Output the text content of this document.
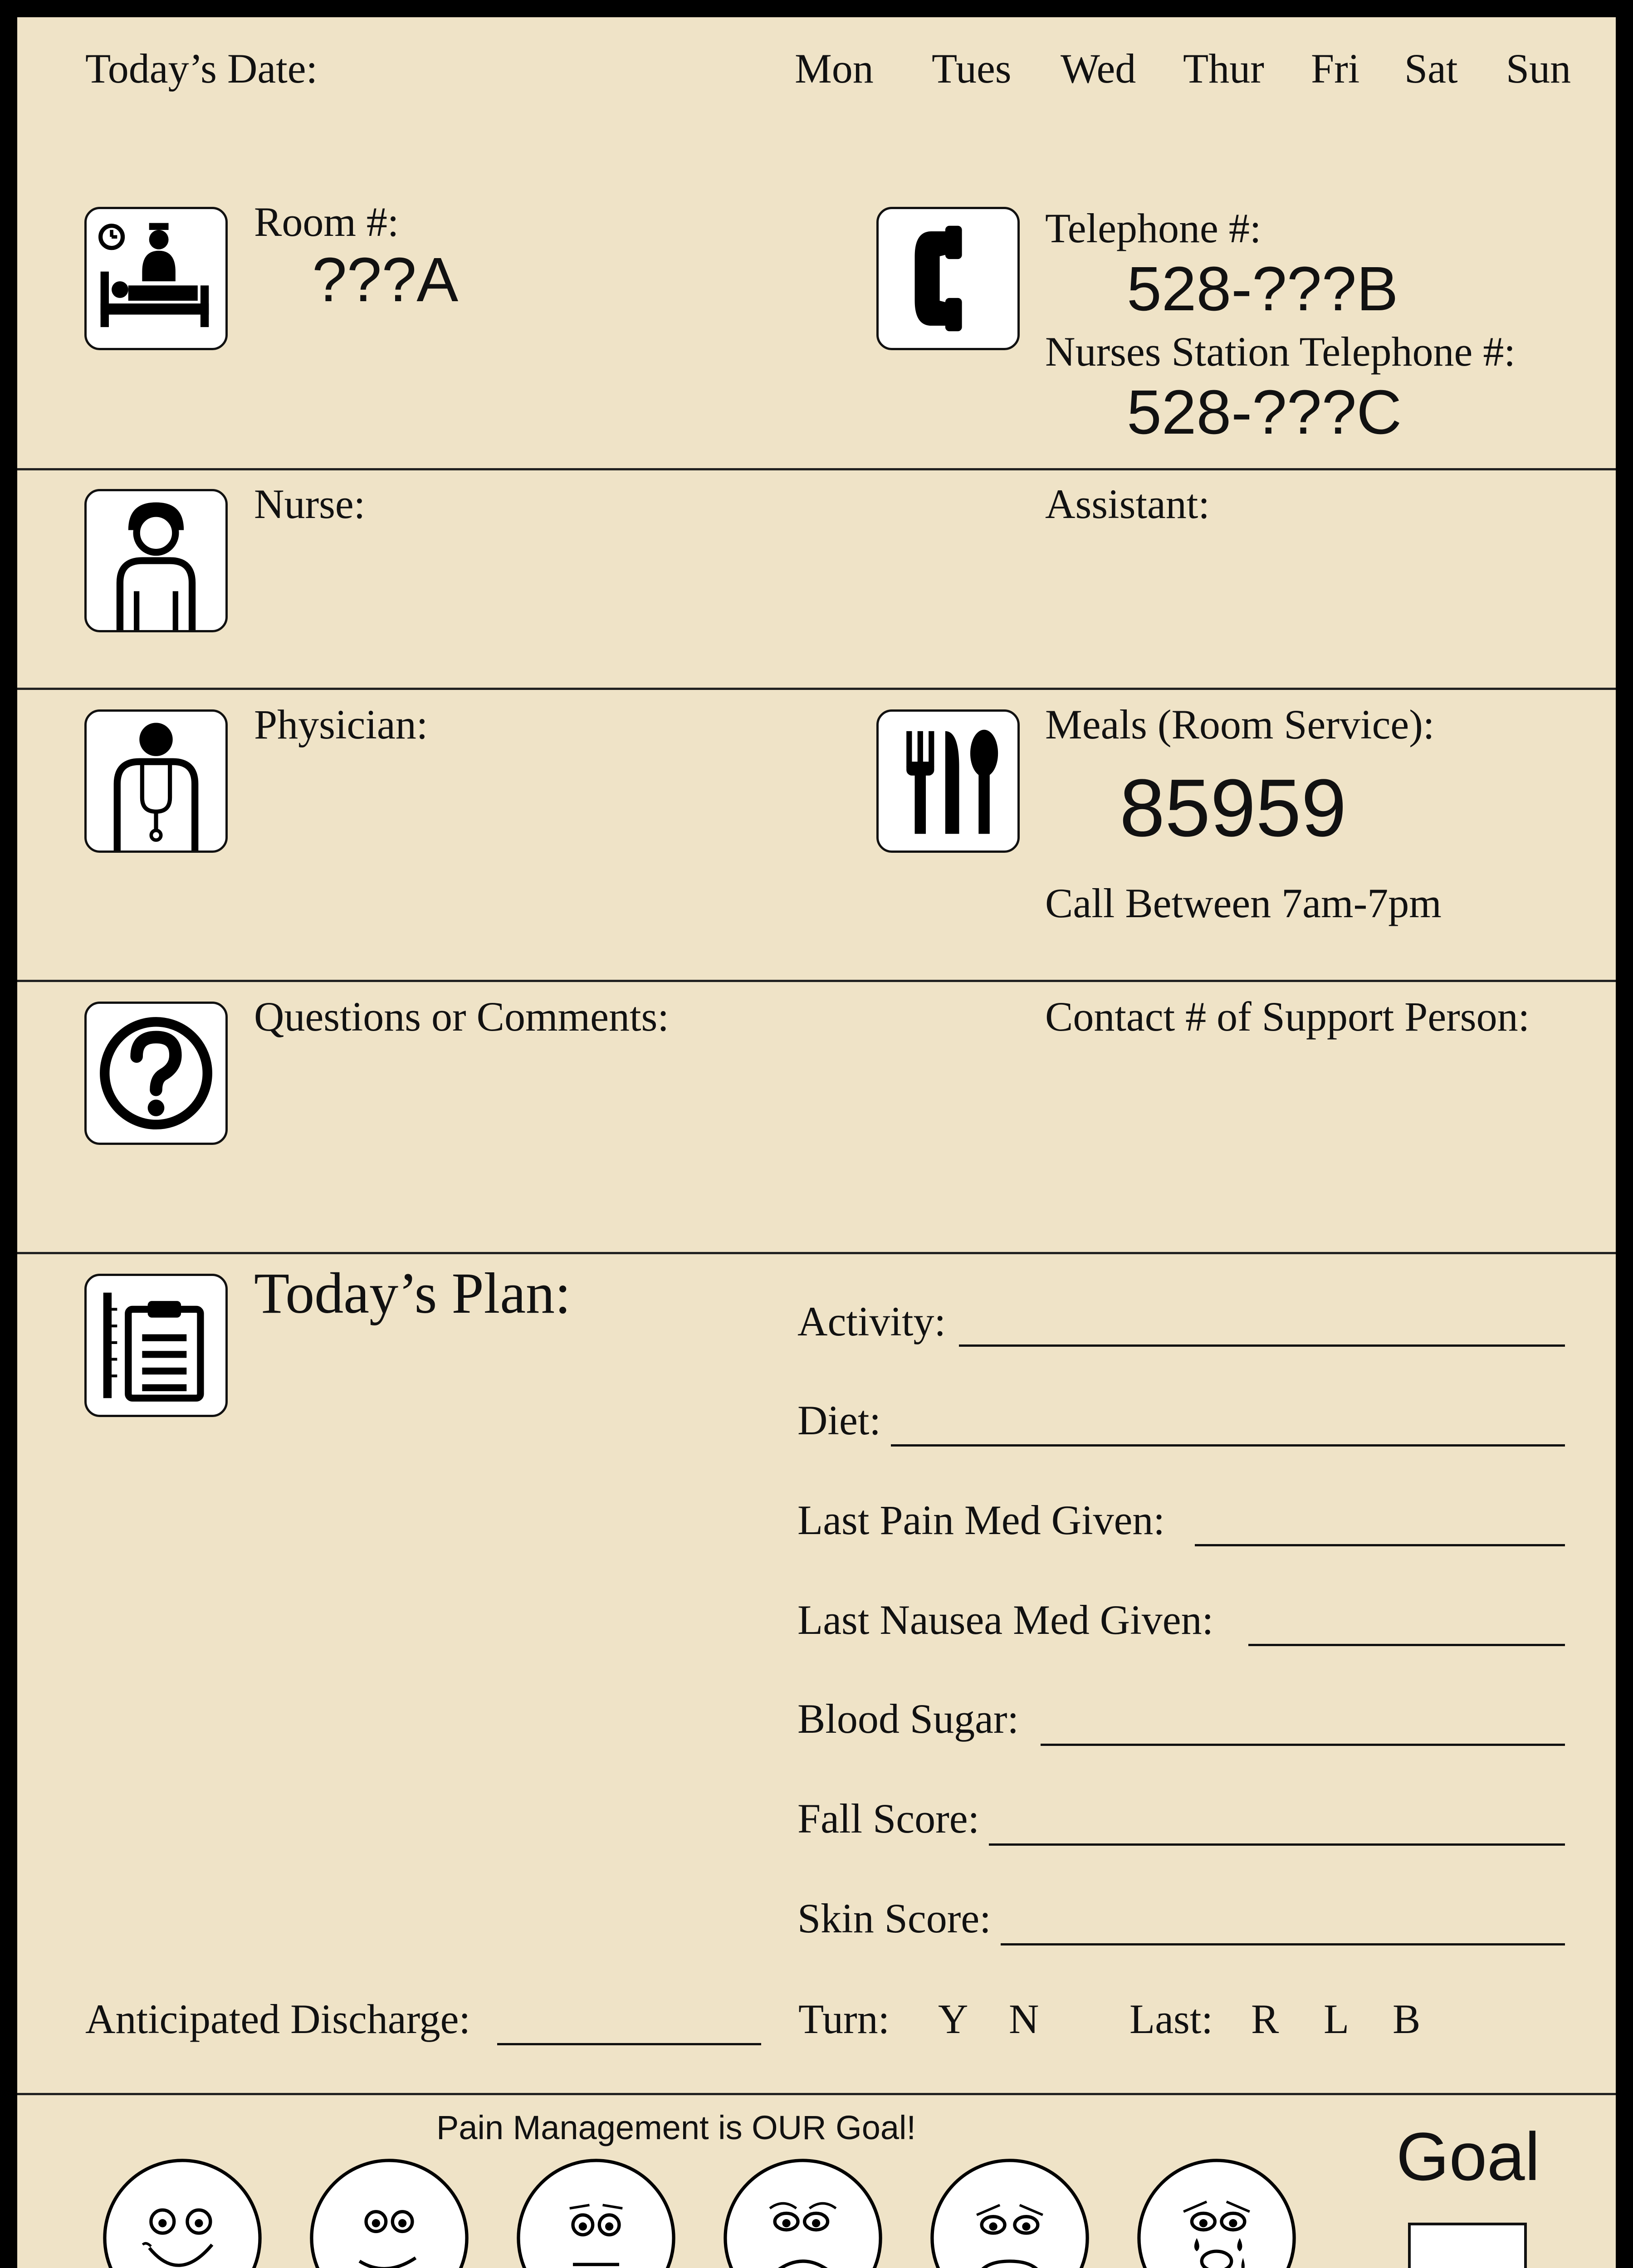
Today’s Date:	Mon Tues Wed Thur Fri Sat Sun
Room #:
???A
Telephone #:
528-???B
Nurses Station Telephone #:
528-???C
Nurse:	Assistant:
Physician:	Meals (Room Service):
85959
Call Between 7am-7pm
Questions or Comments:	Contact # of Support Person:
Today’s Plan:	Activity:
Diet:
Last Pain Med Given:
Last Nausea Med Given:
Blood Sugar:
Fall Score:
Skin Score:
Anticipated Discharge:	Turn: Y N Last: R L B
Pain Management is OUR Goal!	Goal
